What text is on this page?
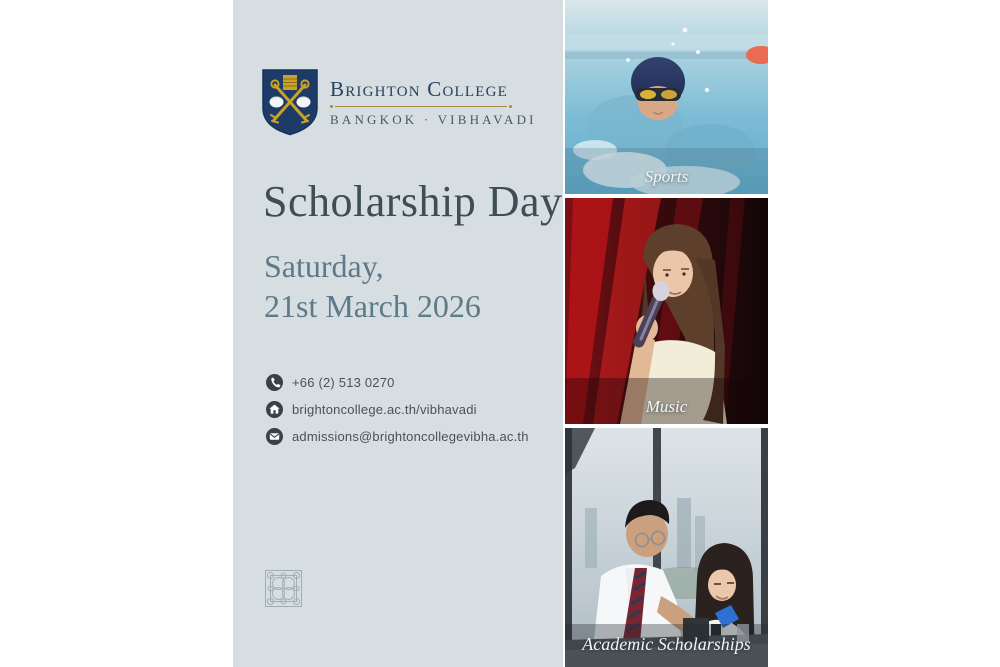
Brighton College
BANGKOK · VIBHAVADI
Scholarship Day
Saturday,
21st March 2026
+66 (2) 513 0270
brightoncollege.ac.th/vibhavadi
admissions@brightoncollegevibha.ac.th
Sports
Music
Academic Scholarships
